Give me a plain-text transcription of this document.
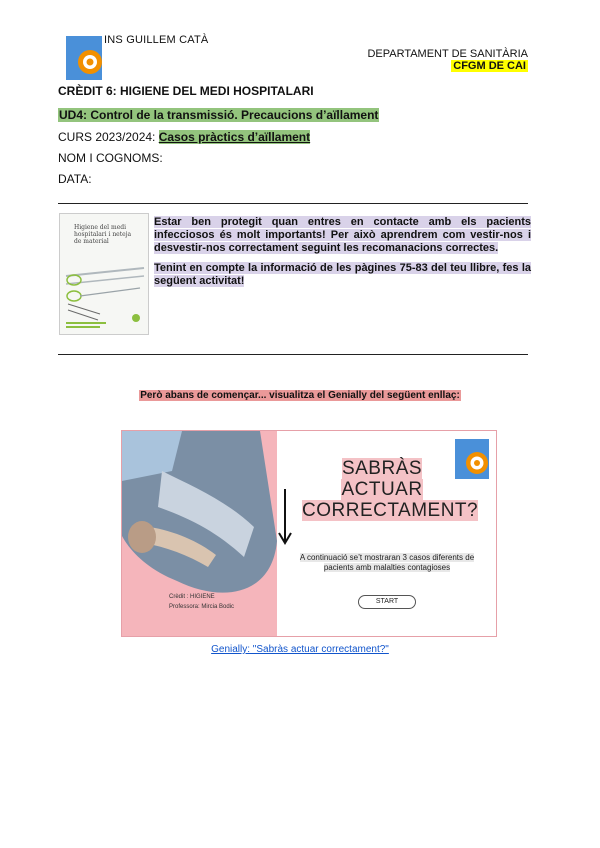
INS GUILLEM CATÀ
DEPARTAMENT DE SANITÀRIA
CFGM DE CAI
CRÈDIT 6: HIGIENE DEL MEDI HOSPITALARI
UD4: Control de la transmissió. Precaucions d’aïllament
CURS 2023/2024: Casos pràctics d’aïllament
NOM I COGNOMS:
DATA:
Higiene del medi hospitalari i neteja de material

Estar ben protegit quan entres en contacte amb els pacients infecciosos és molt importants! Per això aprendrem com vestir-nos i desvestir-nos correctament seguint les recomanacions correctes.

Tenint en compte la informació de les pàgines 75-83 del teu llibre, fes la següent activitat!

Però abans de començar... visualitza el Genially del següent enllaç:
SABRÀS
ACTUAR
CORRECTAMENT?
A continuació se’t mostraran 3 casos diferents de pacients amb malalties contagioses
START
Crèdit : HIGIENE
Professora: Mircia Bodic
Genially: "Sabràs actuar correctament?"
